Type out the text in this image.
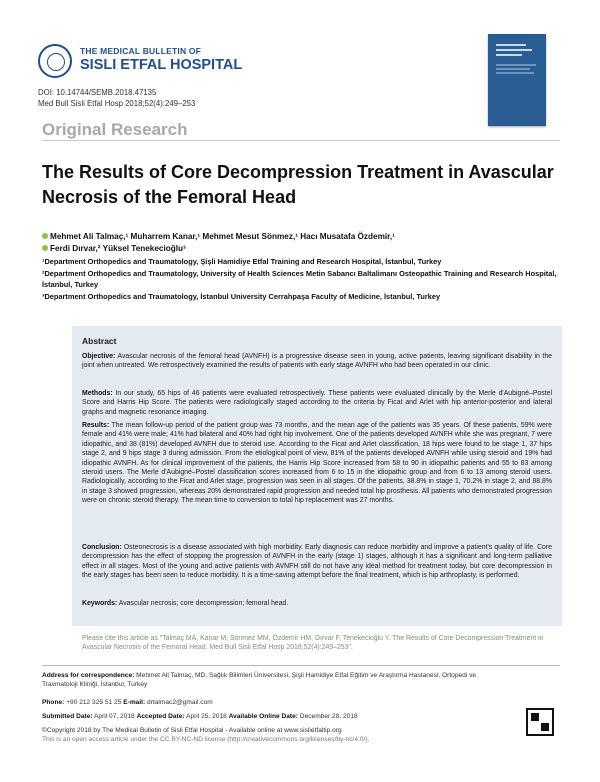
THE MEDICAL BULLETIN OF
SISLI ETFAL HOSPITAL
DOI: 10.14744/SEMB.2018.47135
Med Bull Sisli Etfal Hosp 2018;52(4):249–253
Original Research
The Results of Core Decompression Treatment in Avascular Necrosis of the Femoral Head
Mehmet Ali Talmaç,¹ Muharrem Kanar,¹ Mehmet Mesut Sönmez,¹ Hacı Musatafa Özdemir,¹
Ferdi Dırvar,² Yüksel Tenekecioğlu³
¹Department Orthopedics and Traumatology, Şişli Hamidiye Etfal Training and Research Hospital, İstanbul, Turkey
²Department Orthopedics and Traumatology, University of Health Sciences Metin Sabancı Baltalimanı Osteopathic Training and Research Hospital, İstanbul, Turkey
³Department Orthopedics and Traumatology, İstanbul University Cerrahpaşa Faculty of Medicine, İstanbul, Turkey
Abstract
Objective: Avascular necrosis of the femoral head (AVNFH) is a progressive disease seen in young, active patients, leaving significant disability in the joint when untreated. We retrospectively examined the results of patients with early stage AVNFH who had been operated in our clinic.
Methods: In our study, 65 hips of 46 patients were evaluated retrospectively. These patients were evaluated clinically by the Merle d'Aubigné–Postel Score and Harris Hip Score. The patients were radiologically staged according to the criteria by Ficat and Arlet with hip anterior-posterior and lateral graphs and magnetic resonance imaging.
Results: The mean follow-up period of the patient group was 73 months, and the mean age of the patients was 35 years. Of these patients, 59% were female and 41% were male; 41% had bilateral and 40% had right hip involvement. One of the patients developed AVNFH while she was pregnant, 7 were idiopathic, and 38 (81%) developed AVNFH due to steroid use. According to the Ficat and Arlet classification, 18 hips were found to be stage 1, 37 hips stage 2, and 9 hips stage 3 during admission. From the etiological point of view, 81% of the patients developed AVNFH while using steroid and 19% had idiopathic AVNFH. As for clinical improvement of the patients, the Harris Hip Score increased from 58 to 90 in idiopathic patients and 55 to 83 among steroid users. The Merle d'Aubigné–Postel classification scores increased from 6 to 15 in the idiopathic group and from 6 to 13 among steroid users. Radiologically, according to the Ficat and Arlet stage, progression was seen in all stages. Of the patients, 38.8% in stage 1, 70.2% in stage 2, and 88.8% in stage 3 showed progression, whereas 20% demonstrated rapid progression and needed total hip prosthesis. All patients who demonstrated progression were on chronic steroid therapy. The mean time to conversion to total hip replacement was 27 months.
Conclusion: Osteonecrosis is a disease associated with high morbidity. Early diagnosis can reduce morbidity and improve a patient's quality of life. Core decompression has the effect of stopping the progression of AVNFH in the early (stage 1) stages, although it has a significant and long-term palliative effect in all stages. Most of the young and active patients with AVNFH still do not have any ideal method for treatment today, but core decompression in the early stages has been seen to reduce morbidity. It is a time-saving attempt before the final treatment, which is hip arthroplasty, is performed.
Keywords: Avascular necrosis; core decompression; femoral head.
Please cite this article as "Talmaç MA, Kanar M, Sönmez MM, Özdemir HM, Dırvar F, Tenekecioğlu Y. The Results of Core Decompression Treatment in Avascular Necrosis of the Femoral Head. Med Bull Sisli Etfal Hosp 2018;52(4):249–253".
Address for correspondence: Mehmet Ali Talmaç, MD. Sağlık Bilimleri Üniversitesi, Şişli Hamidiye Etfal Eğitim ve Araştırma Hastanesi, Ortopedi ve Travmatoloji Kliniği, İstanbul, Turkey
Phone: +90 212 325 51 25 E-mail: drtalmac2@gmail.com
Submitted Date: April 07, 2018 Accepted Date: April 25, 2018 Available Online Date: December 28, 2018
©Copyright 2018 by The Medical Bulletin of Sisli Etfal Hospital - Available online at www.sislietfaltip.org
This is an open access article under the CC BY-NC-ND license (http://creativecommons.org/licenses/by-nc/4.0/).
